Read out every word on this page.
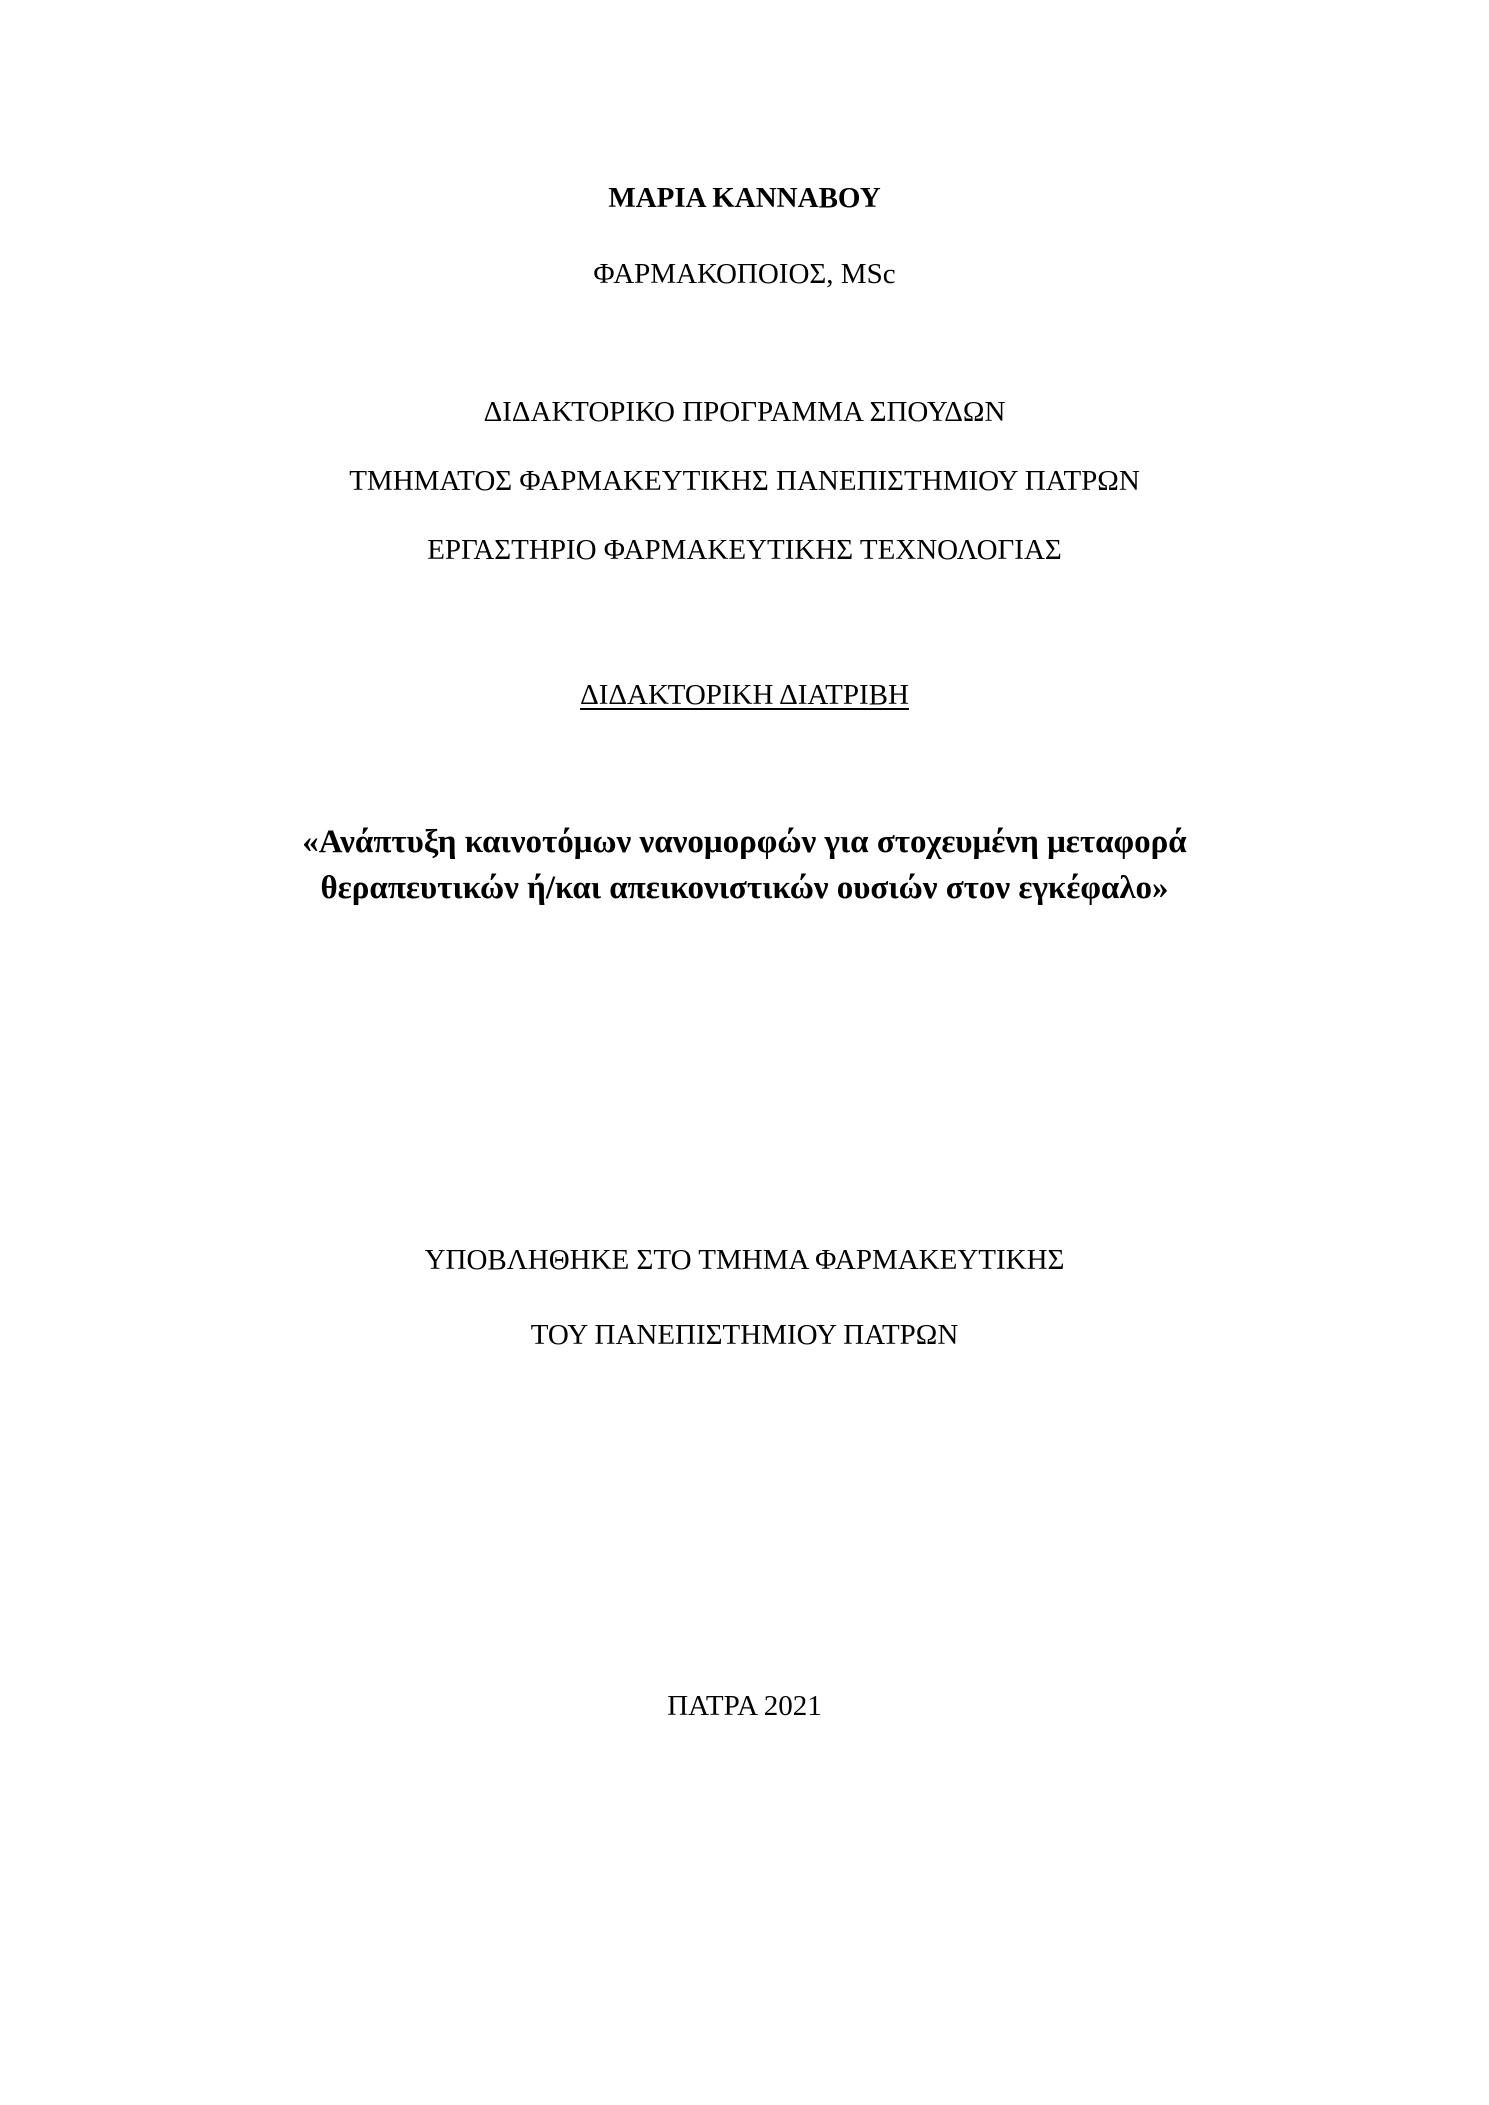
ΜΑΡΙΑ ΚΑΝΝΑΒΟΥ

ΦΑΡΜΑΚΟΠΟΙΟΣ, MSc

ΔΙΔΑΚΤΟΡΙΚΟ ΠΡΟΓΡΑΜΜΑ ΣΠΟΥΔΩΝ

ΤΜΗΜΑΤΟΣ ΦΑΡΜΑΚΕΥΤΙΚΗΣ ΠΑΝΕΠΙΣΤΗΜΙΟΥ ΠΑΤΡΩΝ

ΕΡΓΑΣΤΗΡΙΟ ΦΑΡΜΑΚΕΥΤΙΚΗΣ ΤΕΧΝΟΛΟΓΙΑΣ

ΔΙΔΑΚΤΟΡΙΚΗ ΔΙΑΤΡΙΒΗ

«Ανάπτυξη καινοτόμων νανομορφών για στοχευμένη μεταφορά

θεραπευτικών ή/και απεικονιστικών ουσιών στον εγκέφαλο»

ΥΠΟΒΛΗΘΗΚΕ ΣΤΟ ΤΜΗΜΑ ΦΑΡΜΑΚΕΥΤΙΚΗΣ

ΤΟΥ ΠΑΝΕΠΙΣΤΗΜΙΟΥ ΠΑΤΡΩΝ

ΠΑΤΡΑ 2021
